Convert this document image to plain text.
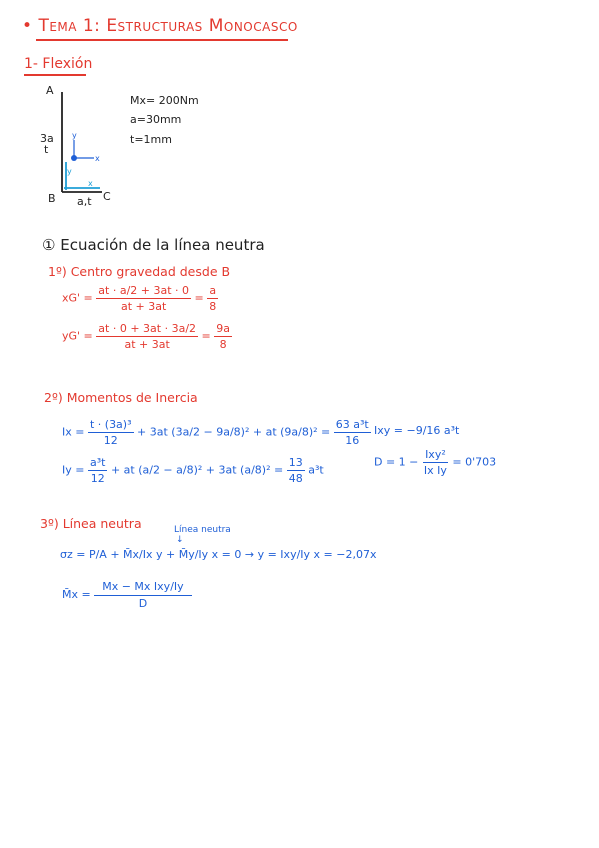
• Tema 1: Estructuras Monocasco
1- Flexión
y
x
y
x
A
3a
t
B	C
a,t
Mx= 200Nm
a=30mm
t=1mm
① Ecuación de la línea neutra
1º) Centro gravedad desde B
$xG' = \frac{at \cdot a/2 + 3at \cdot 0}{at + 3at} = \frac{a}{8}$
$yG' = \frac{at \cdot 0 + 3at \cdot 3a/2}{at + 3at} = \frac{9a}{8}$
2º) Momentos de Inercia
$Ix = \frac{\text{t · (3a)³}}{12} + 3at$ (3a/2 − 9a/8)² + at $(9a/8)^2 = \frac{\text{63 a³t}}{16}$
$Iy = \frac{\text{a³t}}{12}$ + at (a/2 − a/8)² + 3at $(a/8)^2 = \frac{13}{48} a^3t$
Ixy = −9/16 a³t
$D = 1 - \frac{\text{Ixy²}}{\text{Ix Iy}} = 0'703$
3º) Línea neutra	Línea neutra
↓
σz = P/A + M̄x/Ix y + M̄y/Iy x = 0 → y = Ixy/Iy x = −2,07x
M̄x = $\frac{\text{Mx − Mx Ixy/Iy}}{D}$
